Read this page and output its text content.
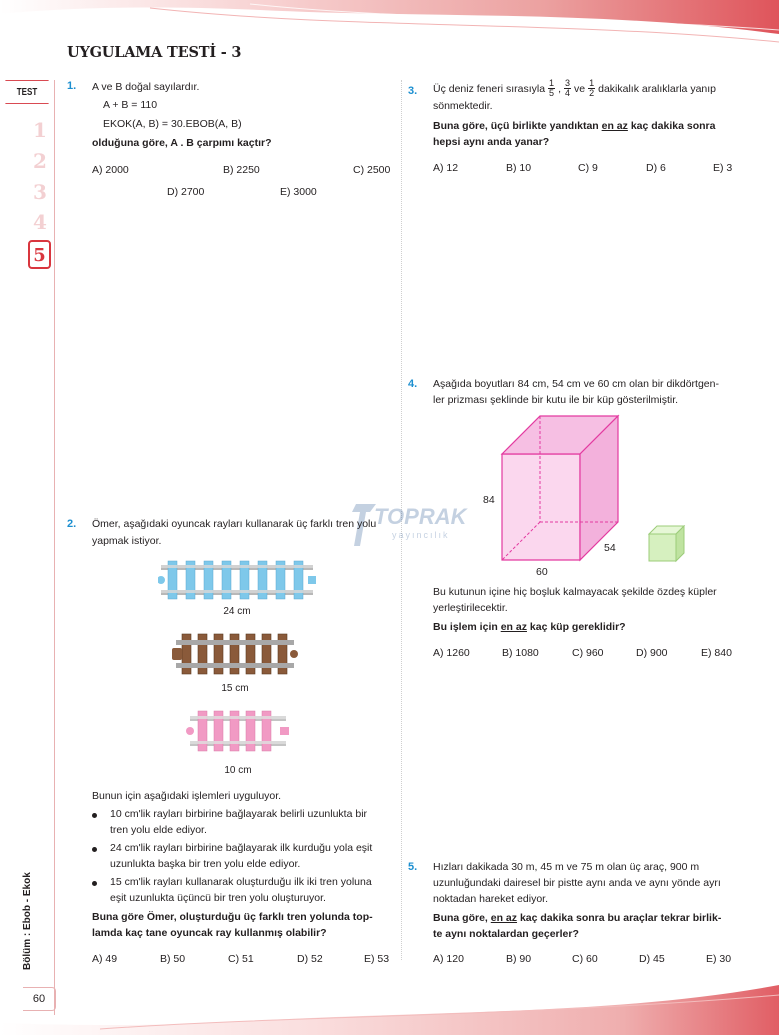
UYGULAMA TESTİ - 3
TEST
1
2
3
4
5
Bölüm : Ebob - Ekok
60
TOPRAK
yayıncılık
1. A ve B doğal sayılardır.
A + B = 110
EKOK(A, B) = 30.EBOB(A, B)
olduğuna göre, A . B çarpımı kaçtır?
A) 2000	B) 2250	C) 2500
D) 2700	E) 3000
2. Ömer, aşağıdaki oyuncak rayları kullanarak üç farklı tren yolu
yapmak istiyor.
24 cm
15 cm
10 cm
Bunun için aşağıdaki işlemleri uyguluyor.
10 cm'lik rayları birbirine bağlayarak belirli uzunlukta bir
tren yolu elde ediyor.
24 cm'lik rayları birbirine bağlayarak ilk kurduğu yola eşit
uzunlukta başka bir tren yolu elde ediyor.
15 cm'lik rayları kullanarak oluşturduğu ilk iki tren yoluna
eşit uzunlukta üçüncü bir tren yolu oluşturuyor.
Buna göre Ömer, oluşturduğu üç farklı tren yolunda top-
lamda kaç tane oyuncak ray kullanmış olabilir?
A) 49	B) 50	C) 51	D) 52	E) 53
3. Üç deniz feneri sırasıyla $\frac{1}{5}$ , $\frac{3}{4}$ ve $\frac{1}{2}$ dakikalık aralıklarla yanıp
sönmektedir.
Buna göre, üçü birlikte yandıktan en az kaç dakika sonra
hepsi aynı anda yanar?
A) 12	B) 10	C) 9	D) 6	E) 3
4. Aşağıda boyutları 84 cm, 54 cm ve 60 cm olan bir dikdörtgen-
ler prizması şeklinde bir kutu ile bir küp gösterilmiştir.
84
54
60
Bu kutunun içine hiç boşluk kalmayacak şekilde özdeş küpler
yerleştirilecektir.
Bu işlem için en az kaç küp gereklidir?
A) 1260	B) 1080	C) 960	D) 900	E) 840
5. Hızları dakikada 30 m, 45 m ve 75 m olan üç araç, 900 m
uzunluğundaki dairesel bir pistte aynı anda ve aynı yönde ayrı
noktadan hareket ediyor.
Buna göre, en az kaç dakika sonra bu araçlar tekrar birlik-
te aynı noktalardan geçerler?
A) 120	B) 90	C) 60	D) 45	E) 30
